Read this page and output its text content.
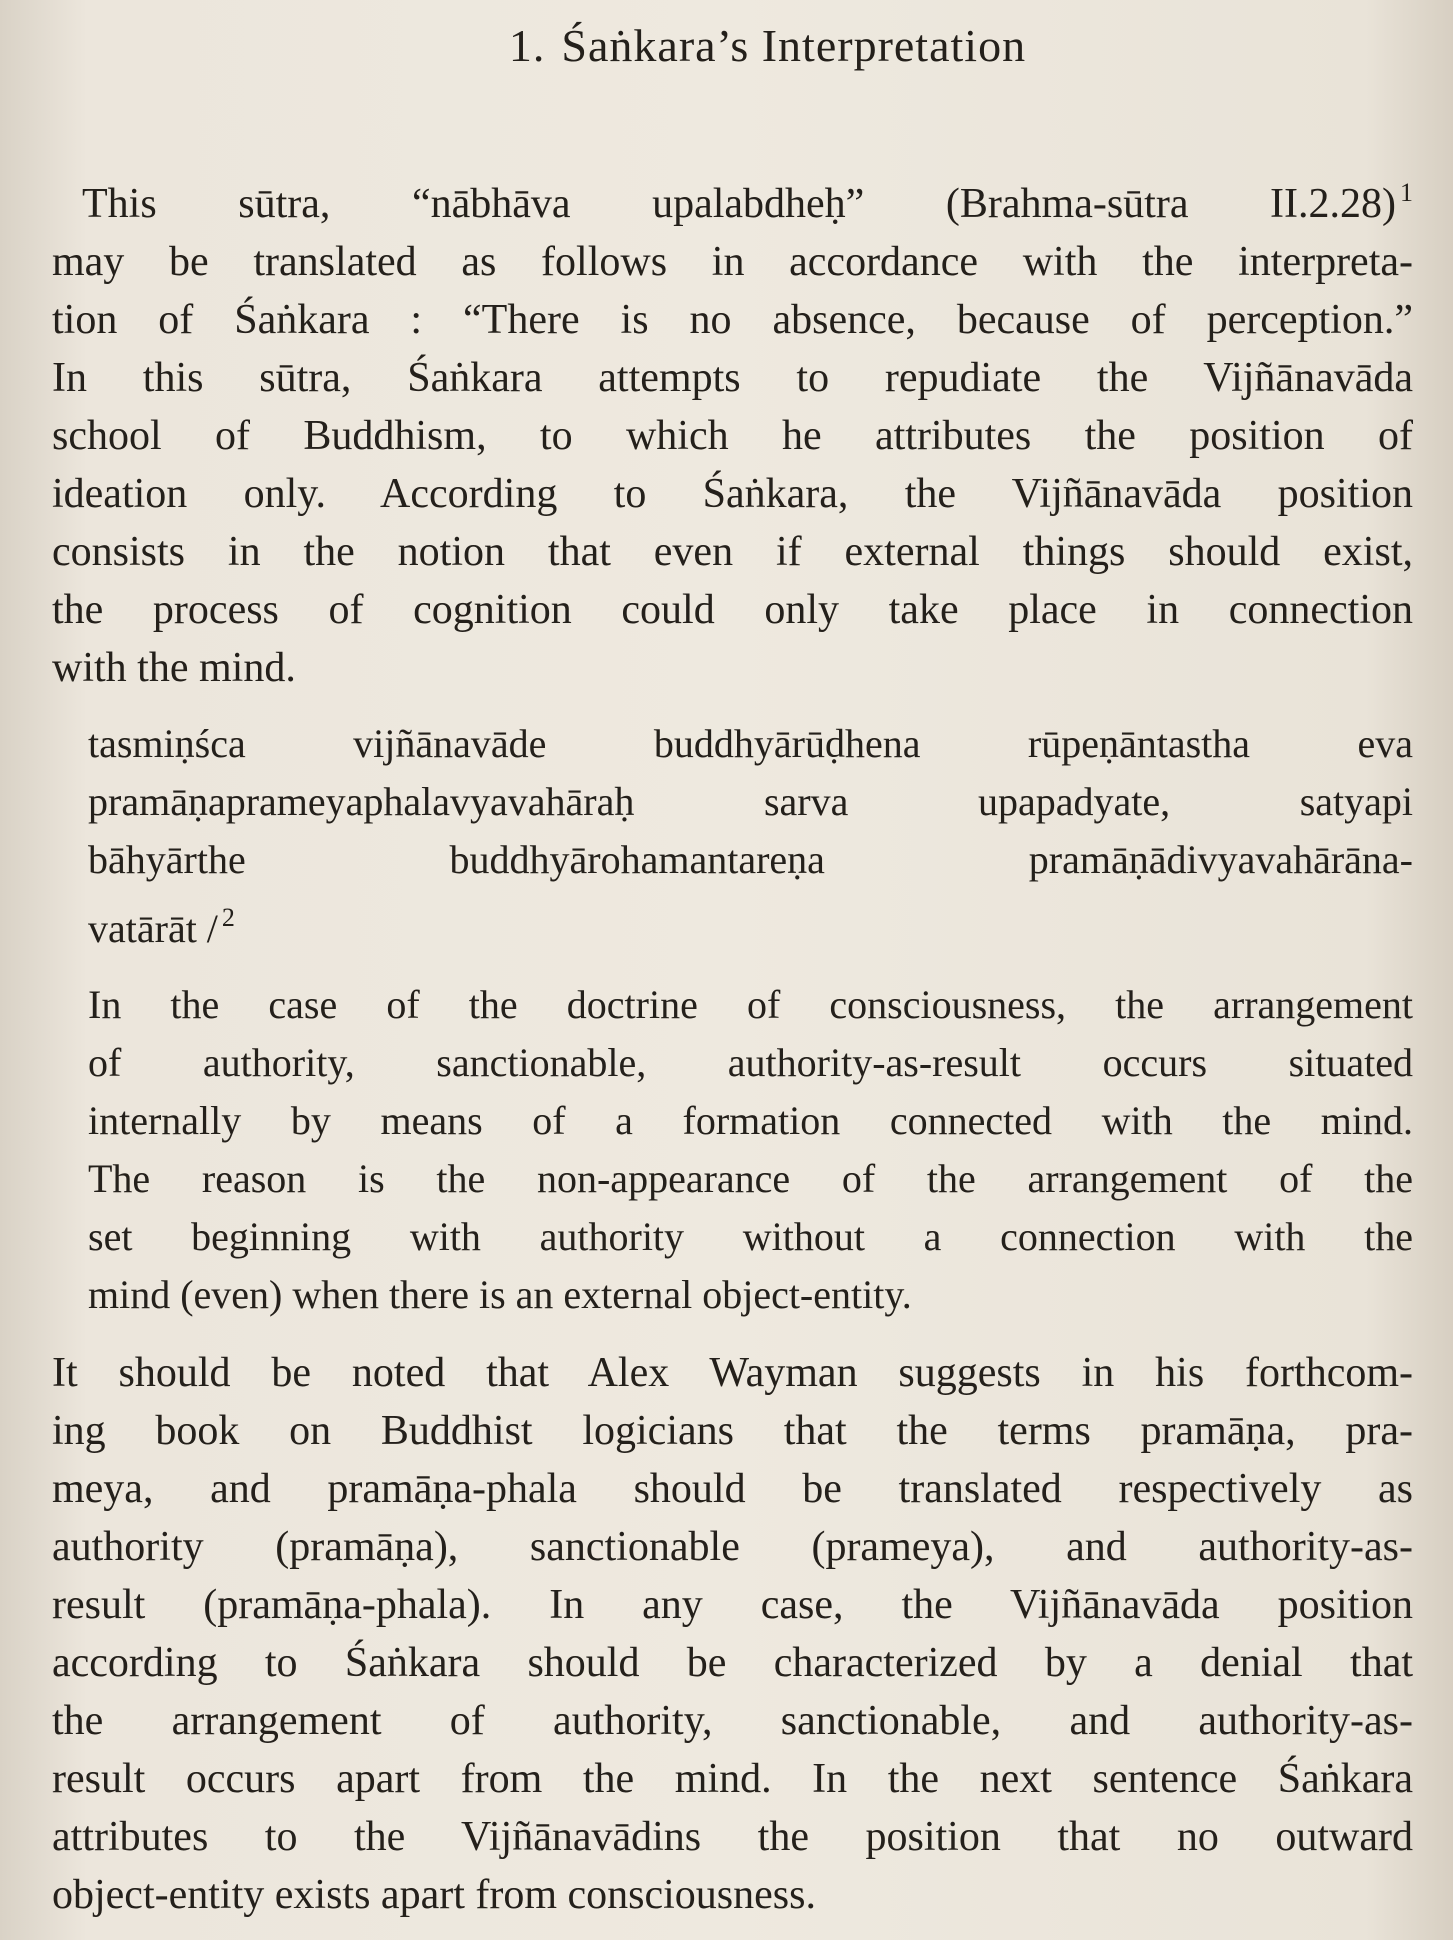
1. Śaṅkara’s Interpretation
This sūtra, “nābhāva upalabdheḥ” (Brahma-sūtra II.2.28) $^1$
may be translated as follows in accordance with the interpreta-
tion of Śaṅkara : “There is no absence, because of perception.”
In this sūtra, Śaṅkara attempts to repudiate the Vijñānavāda
school of Buddhism, to which he attributes the position of
ideation only. According to Śaṅkara, the Vijñānavāda position
consists in the notion that even if external things should exist,
the process of cognition could only take place in connection
with the mind.
tasmiṇśca vijñānavāde buddhyārūḍhena rūpeṇāntastha eva
pramāṇaprameyaphalavyavahāraḥ sarva upapadyate, satyapi
bāhyārthe buddhyārohamantareṇa pramāṇādivyavahārāna-
vatārāt / $^2$
In the case of the doctrine of consciousness, the arrangement
of authority, sanctionable, authority-as-result occurs situated
internally by means of a formation connected with the mind.
The reason is the non-appearance of the arrangement of the
set beginning with authority without a connection with the
mind (even) when there is an external object-entity.
It should be noted that Alex Wayman suggests in his forthcom-
ing book on Buddhist logicians that the terms pramāṇa, pra-
meya, and pramāṇa-phala should be translated respectively as
authority (pramāṇa), sanctionable (prameya), and authority-as-
result (pramāṇa-phala). In any case, the Vijñānavāda position
according to Śaṅkara should be characterized by a denial that
the arrangement of authority, sanctionable, and authority-as-
result occurs apart from the mind. In the next sentence Śaṅkara
attributes to the Vijñānavādins the position that no outward
object-entity exists apart from consciousness.
